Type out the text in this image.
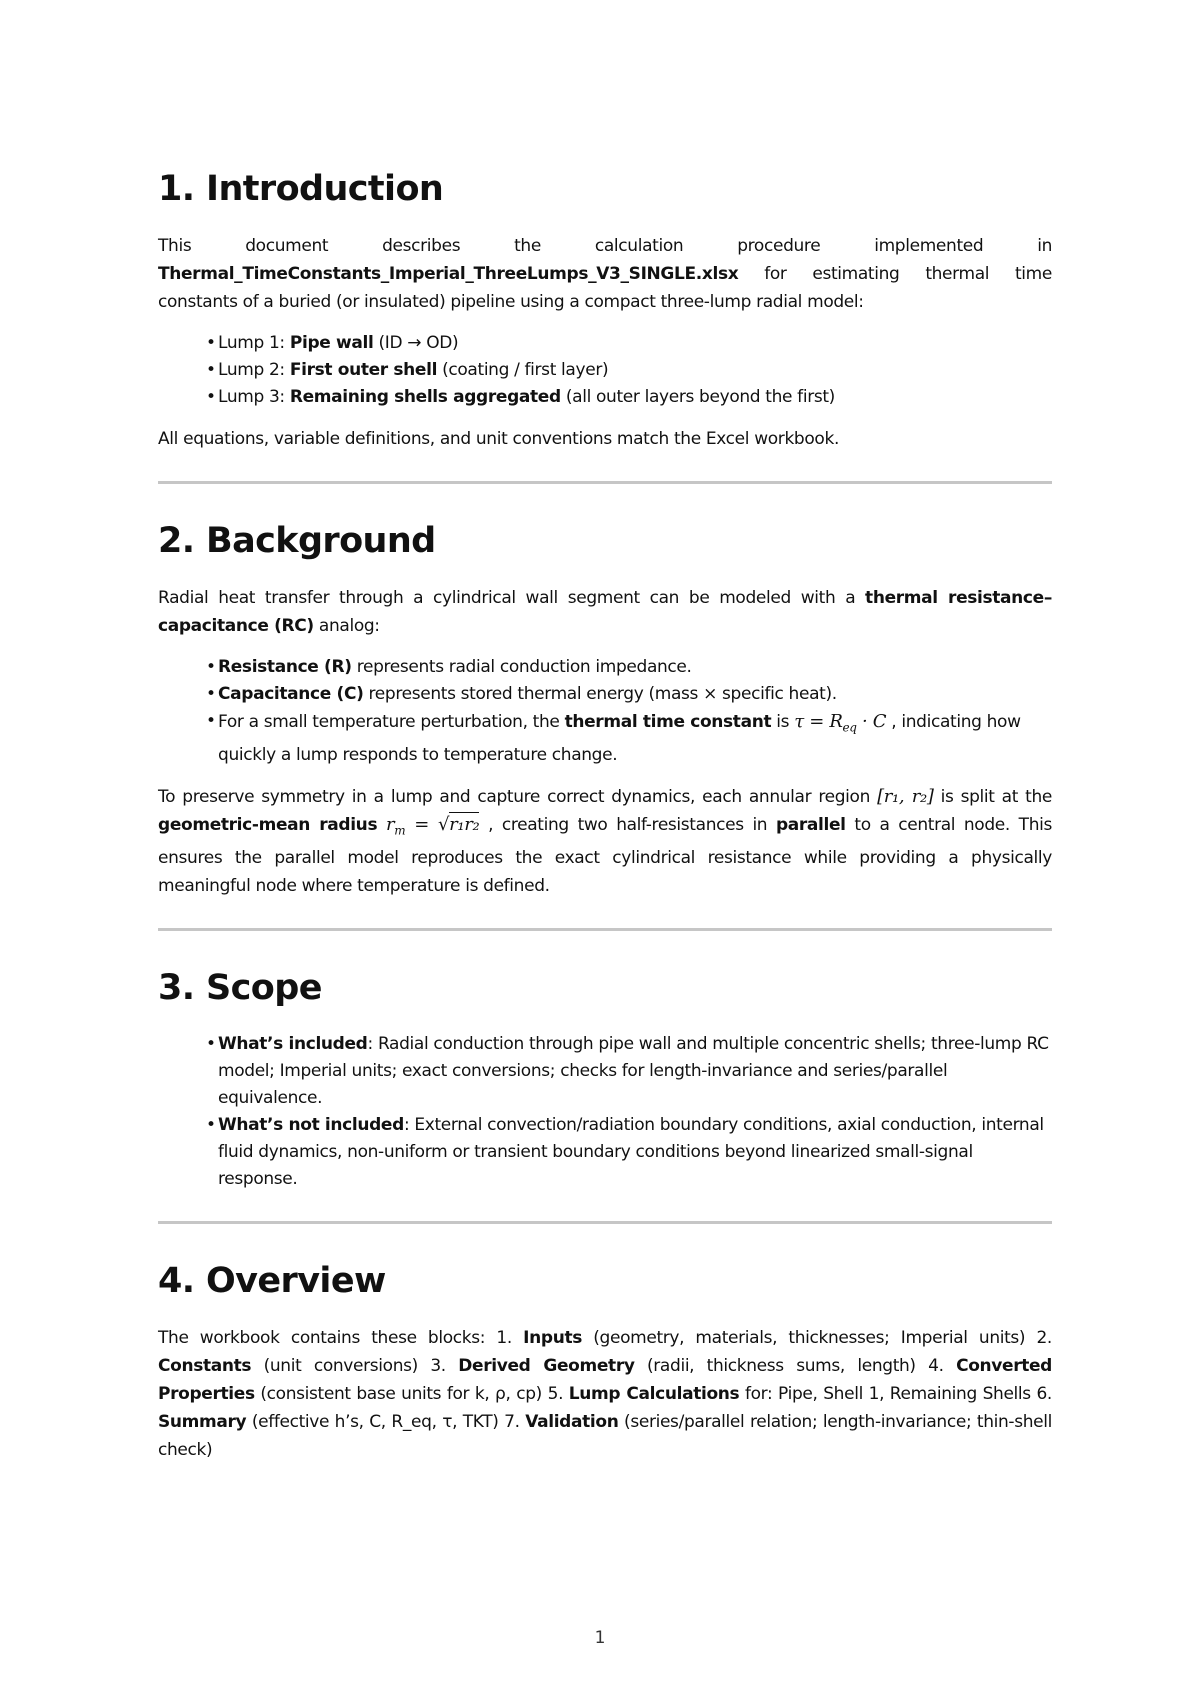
1. Introduction

This document describes the calculation procedure implemented in Thermal_TimeConstants_Imperial_ThreeLumps_V3_SINGLE.xlsx for estimating thermal time constants of a buried (or insulated) pipeline using a compact three-lump radial model:

• Lump 1: Pipe wall (ID → OD)
• Lump 2: First outer shell (coating / first layer)
• Lump 3: Remaining shells aggregated (all outer layers beyond the first)

All equations, variable definitions, and unit conventions match the Excel workbook.

2. Background

Radial heat transfer through a cylindrical wall segment can be modeled with a thermal resistance–capacitance (RC) analog:

• Resistance (R) represents radial conduction impedance.
• Capacitance (C) represents stored thermal energy (mass × specific heat).
• For a small temperature perturbation, the thermal time constant is $\tau = R_{eq} \cdot C$ , indicating how quickly a lump responds to temperature change.

To preserve symmetry in a lump and capture correct dynamics, each annular region [r₁, r₂] is split at the geometric-mean radius $r_m = √r_1r_2$ , creating two half-resistances in parallel to a central node. This ensures the parallel model reproduces the exact cylindrical resistance while providing a physically meaningful node where temperature is defined.

3. Scope
• What’s included: Radial conduction through pipe wall and multiple concentric shells; three-lump RC model; Imperial units; exact conversions; checks for length-invariance and series/parallel equivalence.
• What’s not included: External convection/radiation boundary conditions, axial conduction, internal fluid dynamics, non-uniform or transient boundary conditions beyond linearized small-signal response.
4. Overview

The workbook contains these blocks: 1. Inputs (geometry, materials, thicknesses; Imperial units) 2. Constants (unit conversions) 3. Derived Geometry (radii, thickness sums, length) 4. Converted Properties (consistent base units for k, ρ, cp) 5. Lump Calculations for: Pipe, Shell 1, Remaining Shells 6. Summary (effective h’s, C, R_eq, τ, TKT) 7. Validation (series/parallel relation; length-invariance; thin-shell check)

1
